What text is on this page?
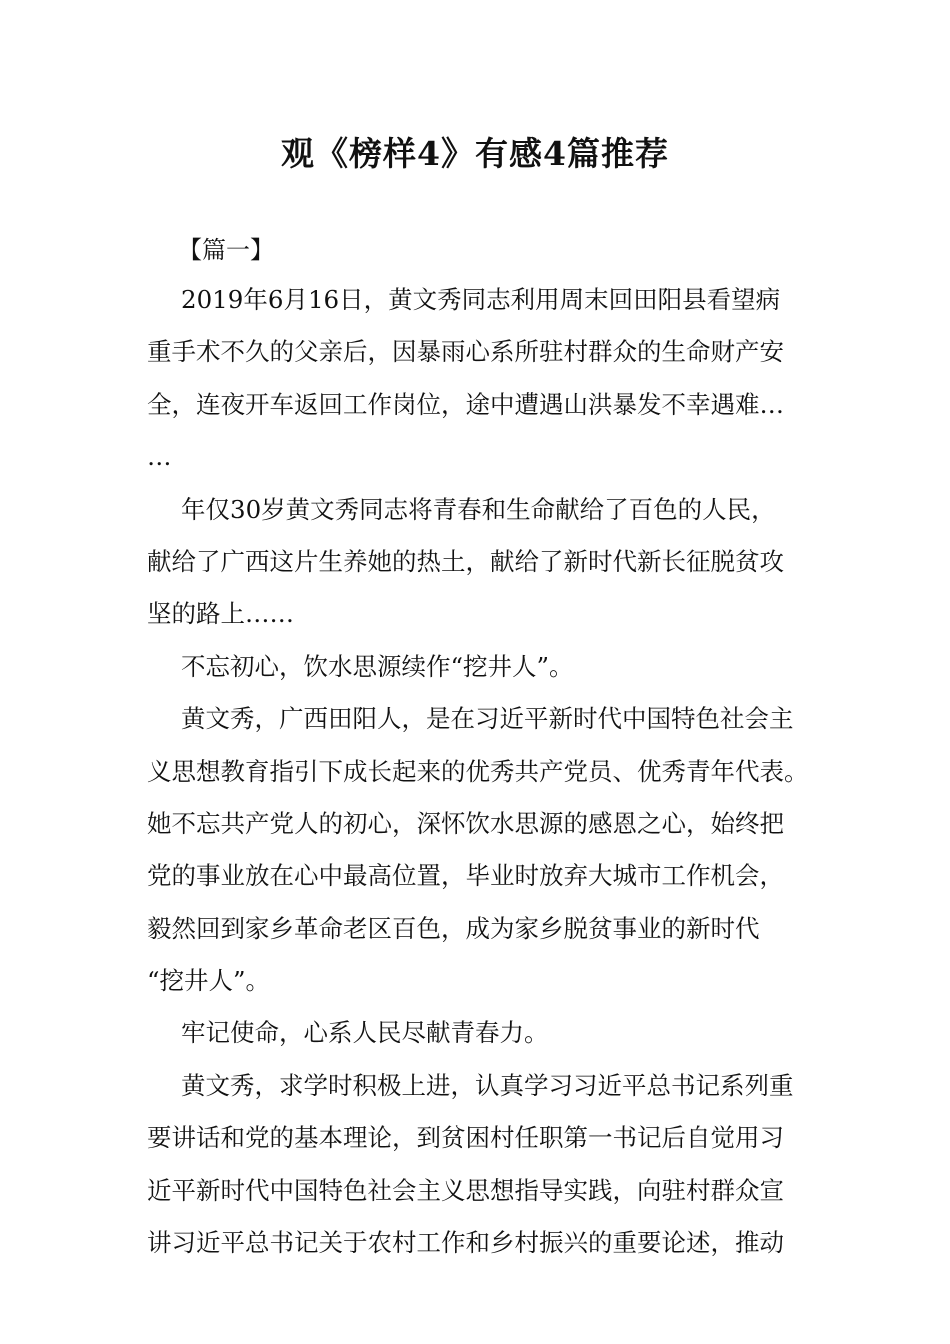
观《榜样4》有感4篇推荐
【篇一】
2019年6月16日，黄文秀同志利用周末回田阳县看望病
重手术不久的父亲后，因暴雨心系所驻村群众的生命财产安
全，连夜开车返回工作岗位，途中遭遇山洪暴发不幸遇难…
…
年仅30岁黄文秀同志将青春和生命献给了百色的人民，
献给了广西这片生养她的热土，献给了新时代新长征脱贫攻
坚的路上……
不忘初心，饮水思源续作“挖井人”。
黄文秀，广西田阳人，是在习近平新时代中国特色社会主
义思想教育指引下成长起来的优秀共产党员、优秀青年代表。
她不忘共产党人的初心，深怀饮水思源的感恩之心，始终把
党的事业放在心中最高位置，毕业时放弃大城市工作机会，
毅然回到家乡革命老区百色，成为家乡脱贫事业的新时代
“挖井人”。
牢记使命，心系人民尽献青春力。
黄文秀，求学时积极上进，认真学习习近平总书记系列重
要讲话和党的基本理论，到贫困村任职第一书记后自觉用习
近平新时代中国特色社会主义思想指导实践，向驻村群众宣
讲习近平总书记关于农村工作和乡村振兴的重要论述，推动
